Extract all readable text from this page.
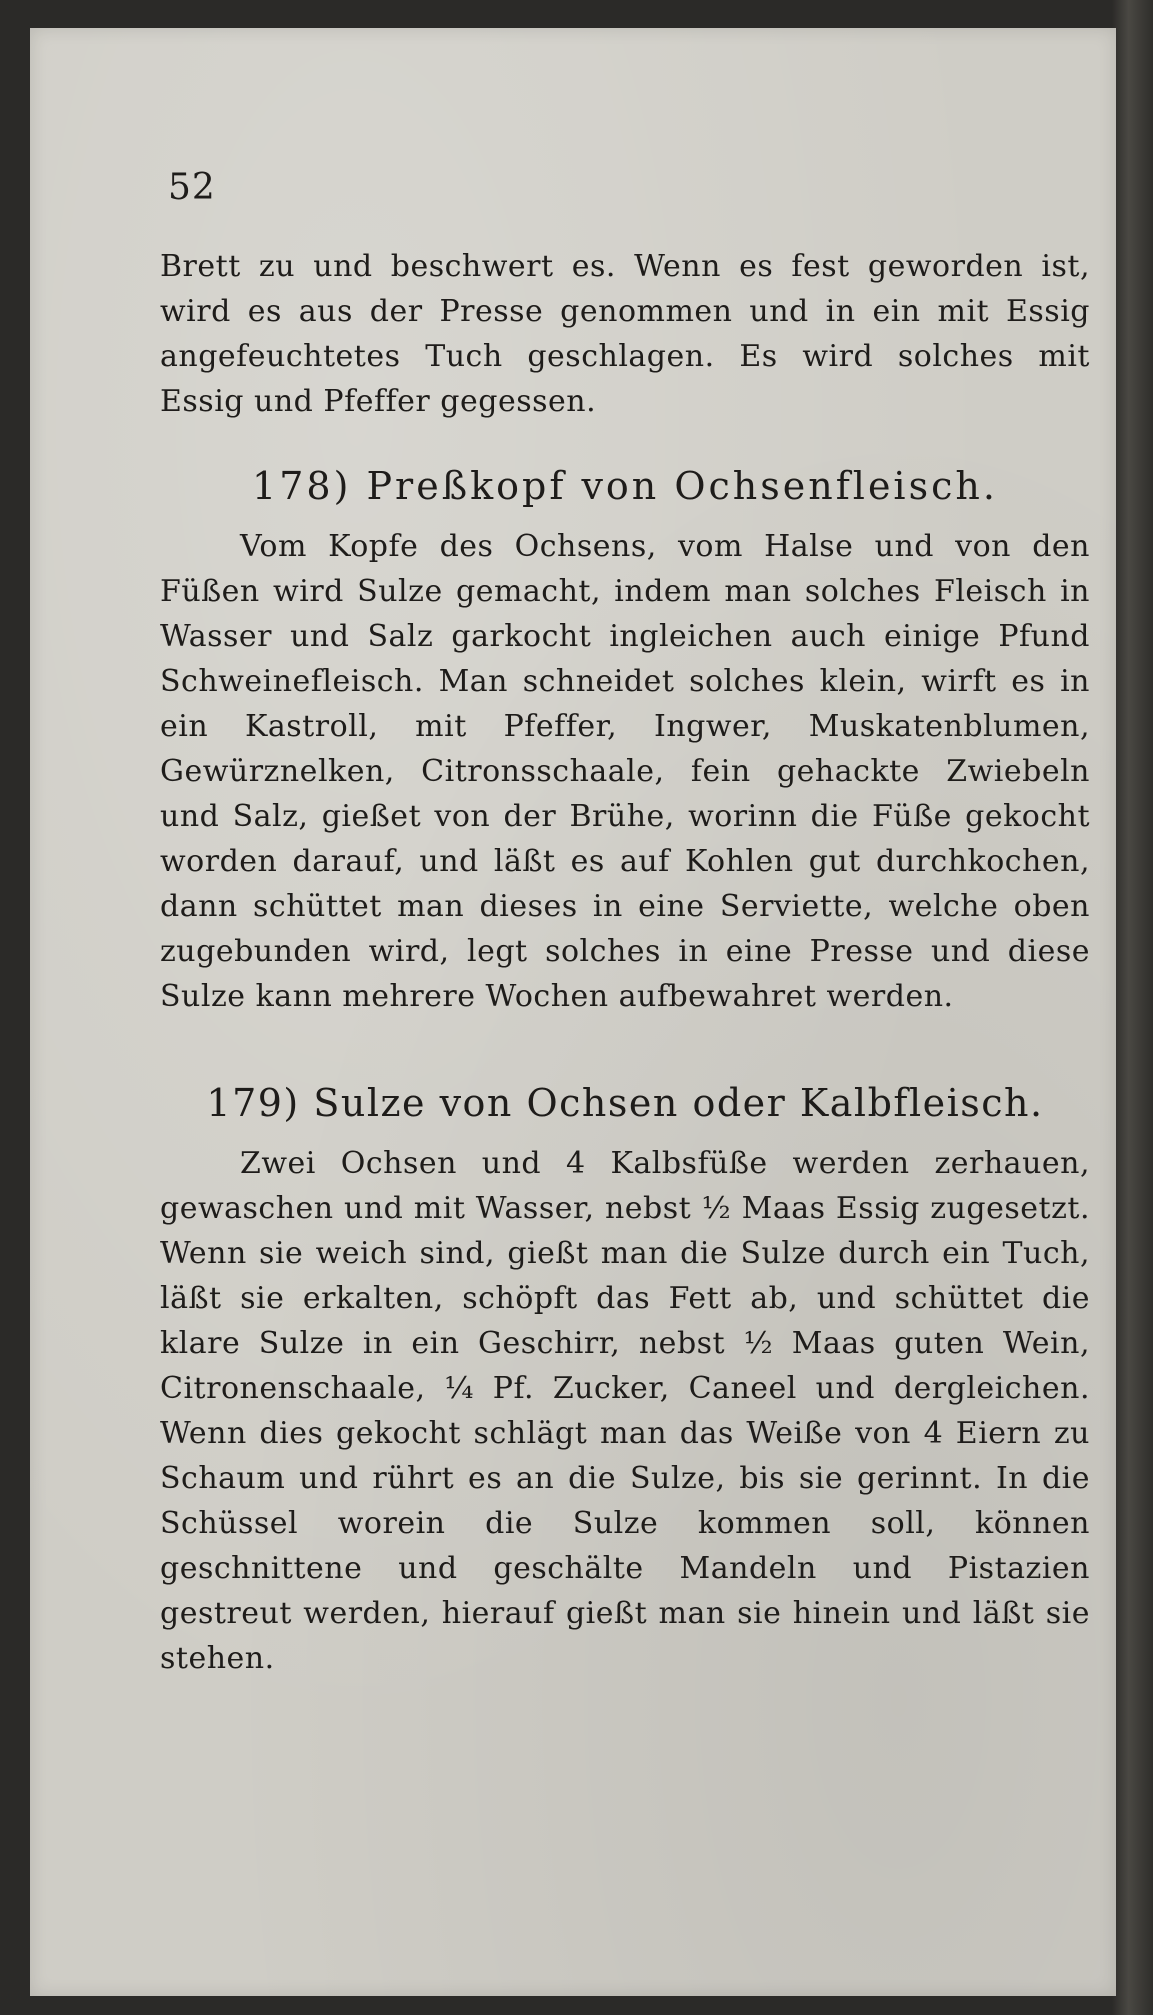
52

Brett zu und beschwert es. Wenn es fest geworden ist, wird es aus der Presse genommen und in ein mit Essig angefeuchtetes Tuch geschlagen. Es wird solches mit Essig und Pfeffer gegessen.

178) Preßkopf von Ochsenfleisch.

Vom Kopfe des Ochsens, vom Halse und von den Füßen wird Sulze gemacht, indem man solches Fleisch in Wasser und Salz garkocht ingleichen auch einige Pfund Schweinefleisch. Man schneidet solches klein, wirft es in ein Kastroll, mit Pfeffer, Ingwer, Muskatenblumen, Gewürznelken, Citronsschaale, fein gehackte Zwiebeln und Salz, gießet von der Brühe, worinn die Füße gekocht worden darauf, und läßt es auf Kohlen gut durchkochen, dann schüttet man dieses in eine Serviette, welche oben zugebunden wird, legt solches in eine Presse und diese Sulze kann mehrere Wochen aufbewahret werden.

179) Sulze von Ochsen oder Kalbfleisch.

Zwei Ochsen und 4 Kalbsfüße werden zerhauen, gewaschen und mit Wasser, nebst ½ Maas Essig zugesetzt. Wenn sie weich sind, gießt man die Sulze durch ein Tuch, läßt sie erkalten, schöpft das Fett ab, und schüttet die klare Sulze in ein Geschirr, nebst ½ Maas guten Wein, Citronenschaale, ¼ Pf. Zucker, Caneel und dergleichen. Wenn dies gekocht schlägt man das Weiße von 4 Eiern zu Schaum und rührt es an die Sulze, bis sie gerinnt. In die Schüssel worein die Sulze kommen soll, können geschnittene und geschälte Mandeln und Pistazien gestreut werden, hierauf gießt man sie hinein und läßt sie stehen.
